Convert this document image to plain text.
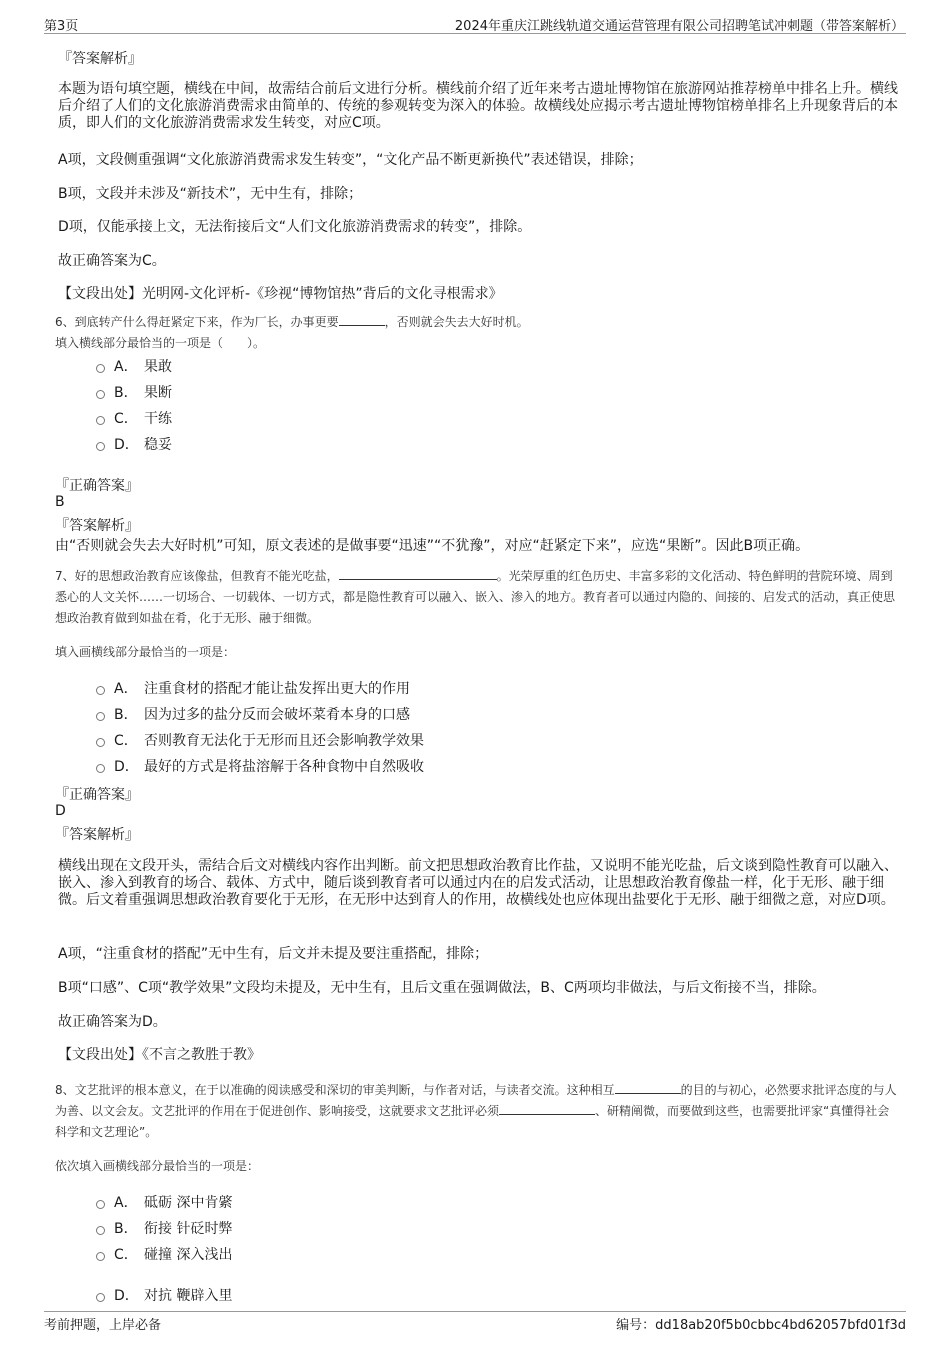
第3页	2024年重庆江跳线轨道交通运营管理有限公司招聘笔试冲刺题（带答案解析）
『答案解析』
本题为语句填空题，横线在中间，故需结合前后文进行分析。横线前介绍了近年来考古遗址博物馆在旅游网站推荐榜单中排名上升。横线后介绍了人们的文化旅游消费需求由简单的、传统的参观转变为深入的体验。故横线处应揭示考古遗址博物馆榜单排名上升现象背后的本质，即人们的文化旅游消费需求发生转变，对应C项。
A项，文段侧重强调“文化旅游消费需求发生转变”，“文化产品不断更新换代”表述错误，排除；
B项，文段并未涉及“新技术”，无中生有，排除；
D项，仅能承接上文，无法衔接后文“人们文化旅游消费需求的转变”，排除。
故正确答案为C。
【文段出处】光明网-文化评析-《珍视“博物馆热”背后的文化寻根需求》
6、到底转产什么得赶紧定下来，作为厂长，办事更要	，否则就会失去大好时机。
填入横线部分最恰当的一项是（　　）。
A． 果敢
B． 果断
C． 干练
D． 稳妥
『正确答案』
B
『答案解析』
由“否则就会失去大好时机”可知，原文表述的是做事要“迅速”“不犹豫”，对应“赶紧定下来”，应选“果断”。因此B项正确。
7、好的思想政治教育应该像盐，但教育不能光吃盐，	。光荣厚重的红色历史、丰富多彩的文化活动、特色鲜明的营院环境、周到悉心的人文关怀……一切场合、一切载体、一切方式，都是隐性教育可以融入、嵌入、渗入的地方。教育者可以通过内隐的、间接的、启发式的活动，真正使思想政治教育做到如盐在肴，化于无形、融于细微。
填入画横线部分最恰当的一项是：
A． 注重食材的搭配才能让盐发挥出更大的作用
B． 因为过多的盐分反而会破坏菜肴本身的口感
C． 否则教育无法化于无形而且还会影响教学效果
D． 最好的方式是将盐溶解于各种食物中自然吸收
『正确答案』
D
『答案解析』
横线出现在文段开头，需结合后文对横线内容作出判断。前文把思想政治教育比作盐，又说明不能光吃盐，后文谈到隐性教育可以融入、嵌入、渗入到教育的场合、载体、方式中，随后谈到教育者可以通过内在的启发式活动，让思想政治教育像盐一样，化于无形、融于细微。后文着重强调思想政治教育要化于无形，在无形中达到育人的作用，故横线处也应体现出盐要化于无形、融于细微之意，对应D项。
A项，“注重食材的搭配”无中生有，后文并未提及要注重搭配，排除；
B项“口感”、C项“教学效果”文段均未提及，无中生有，且后文重在强调做法，B、C两项均非做法，与后文衔接不当，排除。
故正确答案为D。
【文段出处】《不言之教胜于教》
8、文艺批评的根本意义，在于以准确的阅读感受和深切的审美判断，与作者对话，与读者交流。这种相互	的目的与初心，必然要求批评态度的与人为善、以文会友。文艺批评的作用在于促进创作、影响接受，这就要求文艺批评必须	、研精阐微，而要做到这些，也需要批评家“真懂得社会科学和文艺理论”。
依次填入画横线部分最恰当的一项是：
A． 砥砺 深中肯綮
B． 衔接 针砭时弊
C． 碰撞 深入浅出
D． 对抗 鞭辟入里
考前押题，上岸必备	编号：dd18ab20f5b0cbbc4bd62057bfd01f3d
